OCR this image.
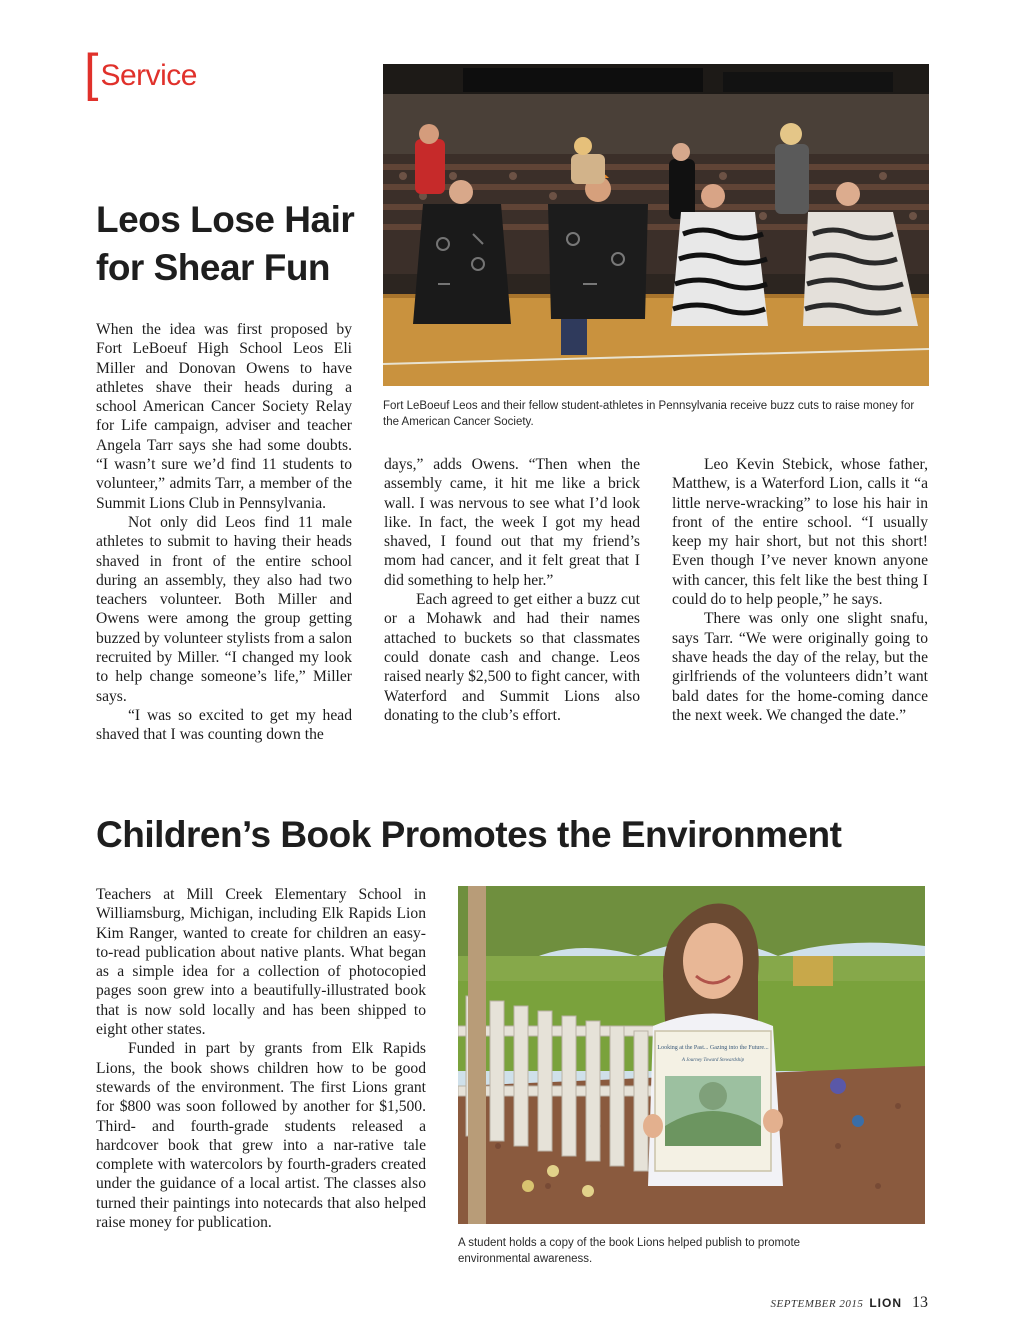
[ Service
Leos Lose Hair for Shear Fun
Fort LeBoeuf Leos and their fellow student-athletes in Pennsylvania receive buzz cuts to raise money for the American Cancer Society.

When the idea was first proposed by Fort LeBoeuf High School Leos Eli Miller and Donovan Owens to have athletes shave their heads during a school American Cancer Society Relay for Life campaign, adviser and teacher Angela Tarr says she had some doubts. “I wasn’t sure we’d find 11 students to volunteer,” admits Tarr, a member of the Summit Lions Club in Pennsylvania.

Not only did Leos find 11 male athletes to submit to having their heads shaved in front of the entire school during an assembly, they also had two teachers volunteer. Both Miller and Owens were among the group getting buzzed by volunteer stylists from a salon recruited by Miller. “I changed my look to help change someone’s life,” Miller says.

“I was so excited to get my head shaved that I was counting down the

days,” adds Owens. “Then when the assembly came, it hit me like a brick wall. I was nervous to see what I’d look like. In fact, the week I got my head shaved, I found out that my friend’s mom had cancer, and it felt great that I did something to help her.”

Each agreed to get either a buzz cut or a Mohawk and had their names attached to buckets so that classmates could donate cash and change. Leos raised nearly $2,500 to fight cancer, with Waterford and Summit Lions also donating to the club’s effort.

Leo Kevin Stebick, whose father, Matthew, is a Waterford Lion, calls it “a little nerve-wracking” to lose his hair in front of the entire school. “I usually keep my hair short, but not this short! Even though I’ve never known anyone with cancer, this felt like the best thing I could do to help people,” he says.

There was only one slight snafu, says Tarr. “We were originally going to shave heads the day of the relay, but the girlfriends of the volunteers didn’t want bald dates for the home-coming dance the next week. We changed the date.”

Children’s Book Promotes the Environment

Teachers at Mill Creek Elementary School in Williamsburg, Michigan, including Elk Rapids Lion Kim Ranger, wanted to create for children an easy-to-read publication about native plants. What began as a simple idea for a collection of photocopied pages soon grew into a beautifully-illustrated book that is now sold locally and has been shipped to eight other states.

Funded in part by grants from Elk Rapids Lions, the book shows children how to be good stewards of the environment. The first Lions grant for $800 was soon followed by another for $1,500. Third- and fourth-grade students released a hardcover book that grew into a nar-rative tale complete with watercolors by fourth-graders created under the guidance of a local artist. The classes also turned their paintings into notecards that also helped raise money for publication.

Looking at the Past... Gazing into the Future...
A Journey Toward Stewardship
A student holds a copy of the book Lions helped publish to promote environmental awareness.
SEPTEMBER 2015 LION 13
